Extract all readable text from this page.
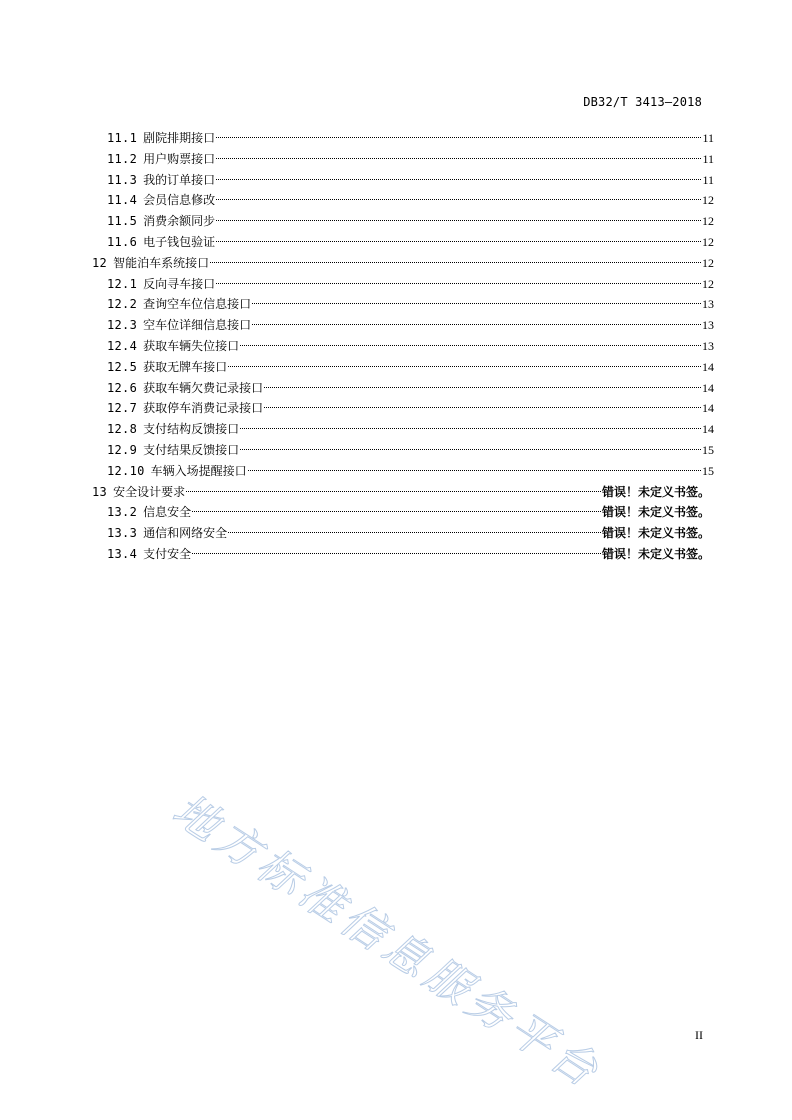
DB32/T 3413—2018
11.1 剧院排期接口	11
11.2 用户购票接口	11
11.3 我的订单接口	11
11.4 会员信息修改	12
11.5 消费余额同步	12
11.6 电子钱包验证	12
12 智能泊车系统接口	12
12.1 反向寻车接口	12
12.2 查询空车位信息接口	13
12.3 空车位详细信息接口	13
12.4 获取车辆失位接口	13
12.5 获取无牌车接口	14
12.6 获取车辆欠费记录接口	14
12.7 获取停车消费记录接口	14
12.8 支付结构反馈接口	14
12.9 支付结果反馈接口	15
12.10 车辆入场提醒接口	15
13 安全设计要求	错误！未定义书签。
13.2 信息安全	错误！未定义书签。
13.3 通信和网络安全	错误！未定义书签。
13.4 支付安全	错误！未定义书签。
II
地方标准信息服务平台
